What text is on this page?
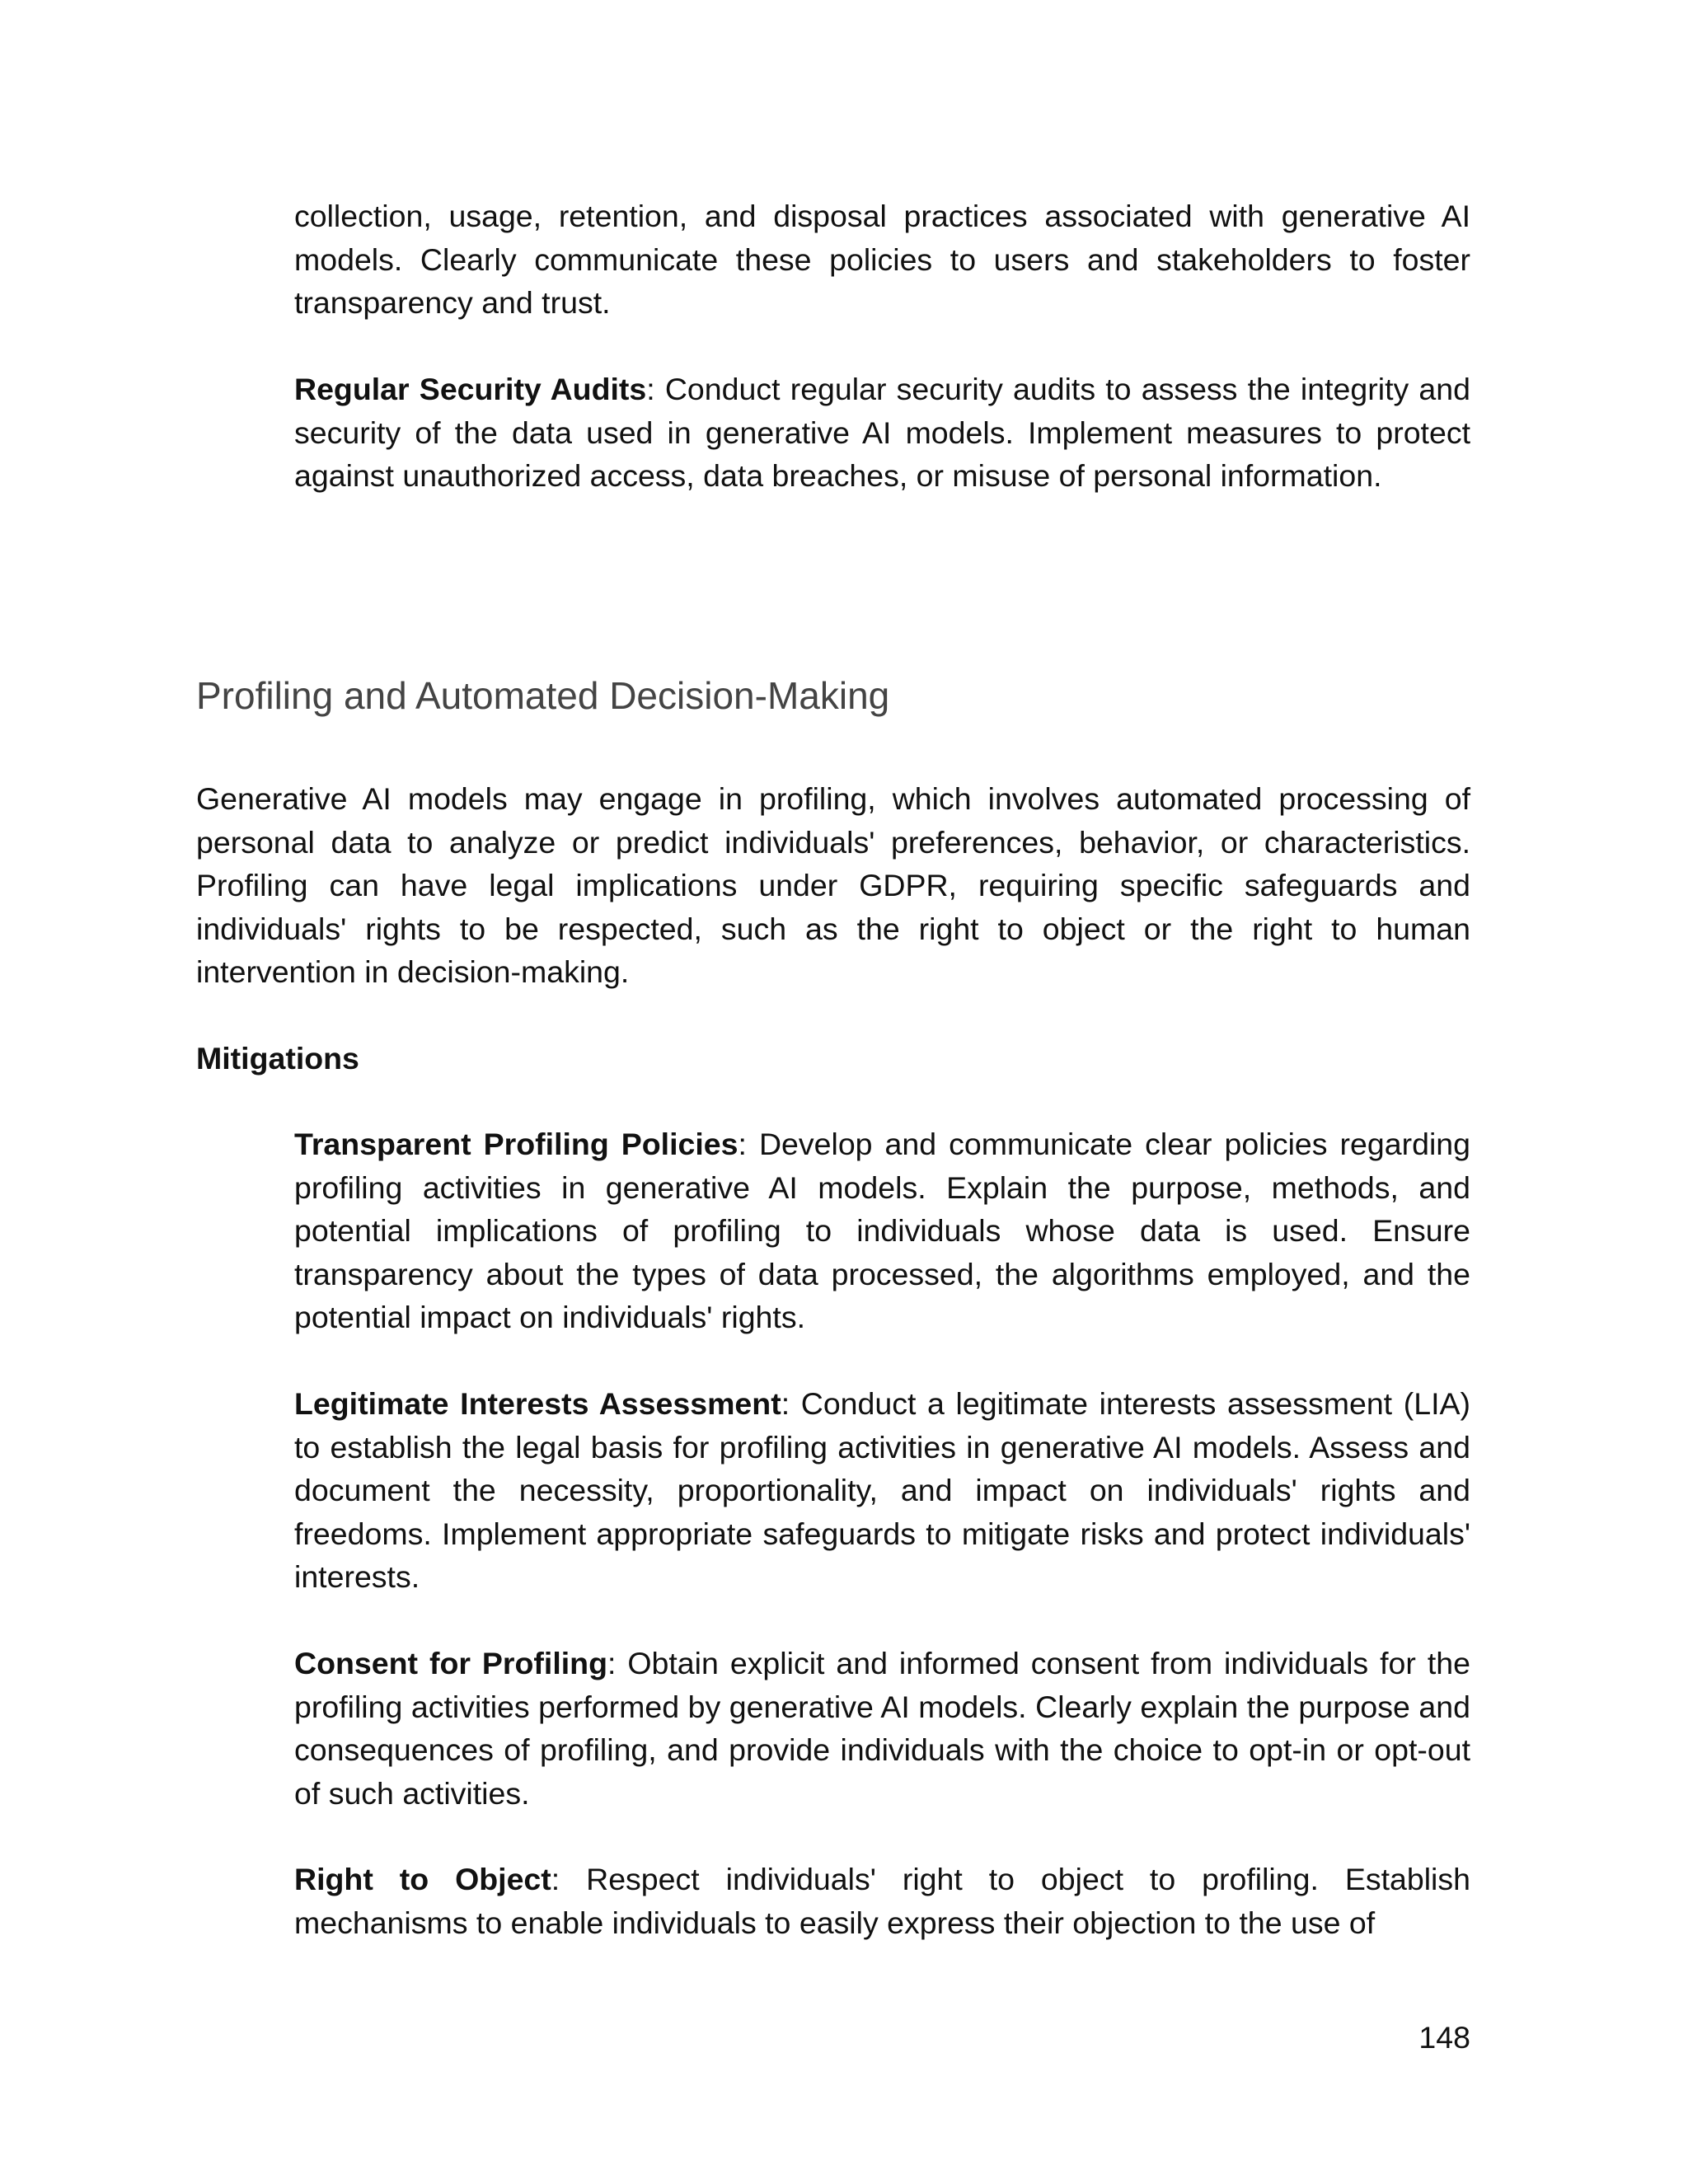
collection, usage, retention, and disposal practices associated with generative AI models. Clearly communicate these policies to users and stakeholders to foster transparency and trust.

Regular Security Audits: Conduct regular security audits to assess the integrity and security of the data used in generative AI models. Implement measures to protect against unauthorized access, data breaches, or misuse of personal information.

Profiling and Automated Decision-Making

Generative AI models may engage in profiling, which involves automated processing of personal data to analyze or predict individuals' preferences, behavior, or characteristics. Profiling can have legal implications under GDPR, requiring specific safeguards and individuals' rights to be respected, such as the right to object or the right to human intervention in decision-making.

Mitigations

Transparent Profiling Policies: Develop and communicate clear policies regarding profiling activities in generative AI models. Explain the purpose, methods, and potential implications of profiling to individuals whose data is used. Ensure transparency about the types of data processed, the algorithms employed, and the potential impact on individuals' rights.

Legitimate Interests Assessment: Conduct a legitimate interests assessment (LIA) to establish the legal basis for profiling activities in generative AI models. Assess and document the necessity, proportionality, and impact on individuals' rights and freedoms. Implement appropriate safeguards to mitigate risks and protect individuals' interests.

Consent for Profiling: Obtain explicit and informed consent from individuals for the profiling activities performed by generative AI models. Clearly explain the purpose and consequences of profiling, and provide individuals with the choice to opt-in or opt-out of such activities.

Right to Object: Respect individuals' right to object to profiling. Establish mechanisms to enable individuals to easily express their objection to the use of

148
